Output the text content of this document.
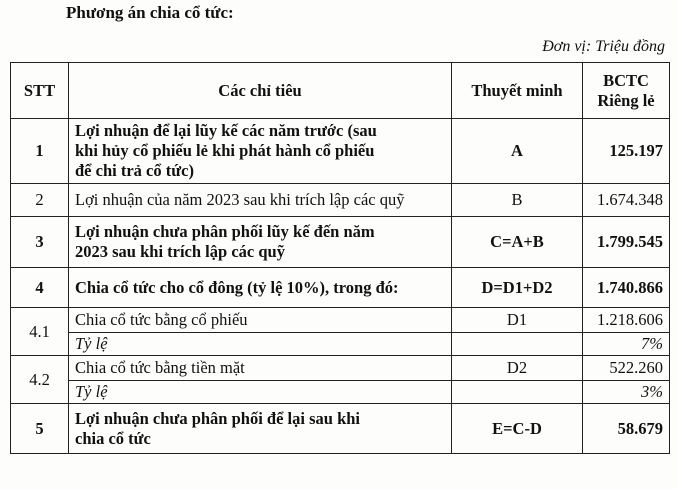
Phương án chia cổ tức:
Đơn vị: Triệu đồng
STT	Các chỉ tiêu	Thuyết minh	BCTC
Riêng lẻ

1	Lợi nhuận để lại lũy kế các năm trước (sau
khi hủy cổ phiếu lẻ khi phát hành cổ phiếu
để chi trả cổ tức)	A	125.197
2	Lợi nhuận của năm 2023 sau khi trích lập các quỹ	B	1.674.348
3	Lợi nhuận chưa phân phối lũy kế đến năm
2023 sau khi trích lập các quỹ	C=A+B	1.799.545
4	Chia cổ tức cho cổ đông (tỷ lệ 10%), trong đó:	D=D1+D2	1.740.866
4.1	Chia cổ tức bằng cổ phiếu	D1	1.218.606
	Tỷ lệ		7%
4.2	Chia cổ tức bằng tiền mặt	D2	522.260
	Tỷ lệ		3%
5	Lợi nhuận chưa phân phối để lại sau khi
chia cổ tức	E=C-D	58.679
